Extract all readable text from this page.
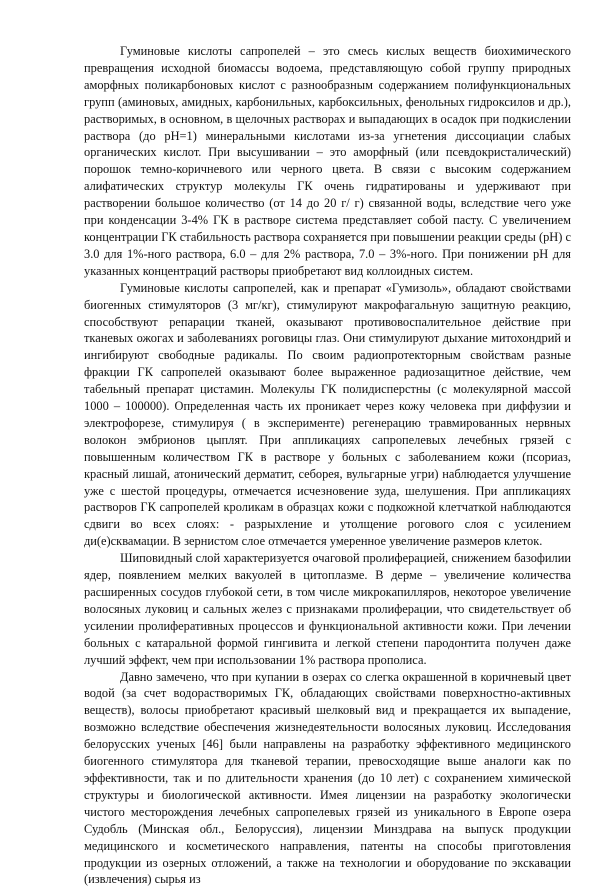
Гуминовые кислоты сапропелей – это смесь кислых веществ биохимического превращения исходной биомассы водоема, представляющую собой группу природных аморфных поликарбоновых кислот с разнообразным содержанием полифункциональных групп (аминовых, амидных, карбонильных, карбоксильных, фенольных гидроксилов и др.), растворимых, в основном, в щелочных растворах и выпадающих в осадок при подкислении раствора (до pH=1) минеральными кислотами из-за угнетения диссоциации слабых органических кислот. При высушивании – это аморфный (или псевдокристалический) порошок темно-коричневого или черного цвета. В связи с высоким содержанием алифатических структур молекулы ГК очень гидратированы и удерживают при растворении большое количество (от 14 до 20 г/ г) связанной воды, вследствие чего уже при конденсации 3-4% ГК в растворе система представляет собой пасту. С увеличением концентрации ГК стабильность раствора сохраняется при повышении реакции среды (pH) с 3.0 для 1%-ного раствора, 6.0 – для 2% раствора, 7.0 – 3%-ного. При понижении pH для указанных концентраций растворы приобретают вид коллоидных систем.

Гуминовые кислоты сапропелей, как и препарат «Гумизоль», обладают свойствами биогенных стимуляторов (3 мг/кг), стимулируют макрофагальную защитную реакцию, способствуют репарации тканей, оказывают противовоспалительное действие при тканевых ожогах и заболеваниях роговицы глаз. Они стимулируют дыхание митохондрий и ингибируют свободные радикалы. По своим радиопротекторным свойствам разные фракции ГК сапропелей оказывают более выраженное радиозащитное действие, чем табельный препарат цистамин. Молекулы ГК полидисперстны (с молекулярной массой 1000 – 100000). Определенная часть их проникает через кожу человека при диффузии и электрофорезе, стимулируя ( в эксперименте) регенерацию травмированных нервных волокон эмбрионов цыплят. При аппликациях сапропелевых лечебных грязей с повышенным количеством ГК в растворе у больных с заболеванием кожи (псориаз, красный лишай, атонический дерматит, себорея, вульгарные угри) наблюдается улучшение уже с шестой процедуры, отмечается исчезновение зуда, шелушения. При аппликациях растворов ГК сапропелей кроликам в образцах кожи с подкожной клетчаткой наблюдаются сдвиги во всех слоях: - разрыхление и утолщение рогового слоя с усилением ди(е)сквамации. В зернистом слое отмечается умеренное увеличение размеров клеток.

Шиповидный слой характеризуется очаговой пролиферацией, снижением базофилии ядер, появлением мелких вакуолей в цитоплазме. В дерме – увеличение количества расширенных сосудов глубокой сети, в том числе микрокапилляров, некоторое увеличение волосяных луковиц и сальных желез с признаками пролиферации, что свидетельствует об усилении пролиферативных процессов и функциональной активности кожи. При лечении больных с катаральной формой гингивита и легкой степени пародонтита получен даже лучший эффект, чем при использовании 1% раствора прополиса.

Давно замечено, что при купании в озерах со слегка окрашенной в коричневый цвет водой (за счет водорастворимых ГК, обладающих свойствами поверхностно-активных веществ), волосы приобретают красивый шелковый вид и прекращается их выпадение, возможно вследствие обеспечения жизнедеятельности волосяных луковиц. Исследования белорусских ученых [46] были направлены на разработку эффективного медицинского биогенного стимулятора для тканевой терапии, превосходящие выше аналоги как по эффективности, так и по длительности хранения (до 10 лет) с сохранением химической структуры и биологической активности. Имея лицензии на разработку экологически чистого месторождения лечебных сапропелевых грязей из уникального в Европе озера Судобль (Минская обл., Белоруссия), лицензии Минздрава на выпуск продукции медицинского и косметического направления, патенты на способы приготовления продукции из озерных отложений, а также на технологии и оборудование по экскавации (извлечения) сырья из
